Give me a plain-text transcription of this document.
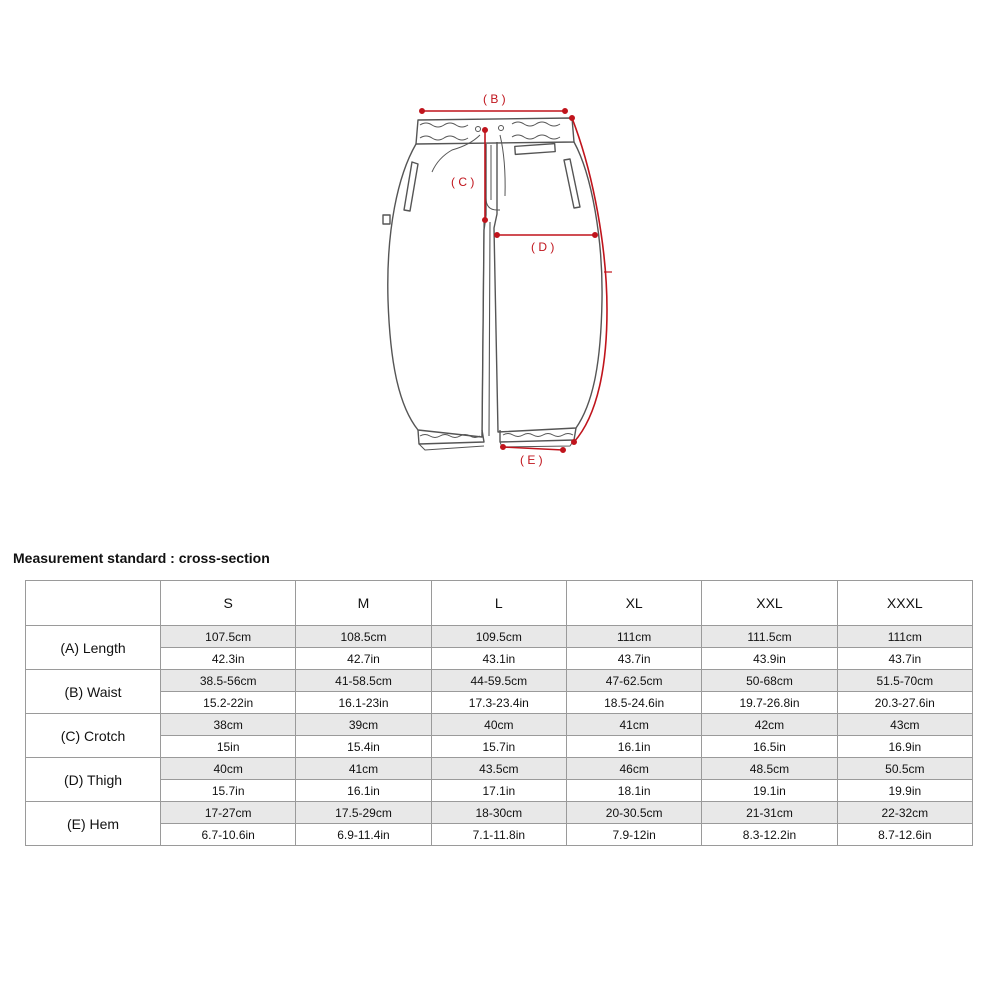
( B )
( C )
( D )
( E )
Measurement standard : cross-section
	S	M	L	XL	XXL	XXXL
(A) Length	107.5cm	108.5cm	109.5cm	111cm	111.5cm	111cm
	42.3in	42.7in	43.1in	43.7in	43.9in	43.7in
(B) Waist	38.5-56cm	41-58.5cm	44-59.5cm	47-62.5cm	50-68cm	51.5-70cm
	15.2-22in	16.1-23in	17.3-23.4in	18.5-24.6in	19.7-26.8in	20.3-27.6in
(C) Crotch	38cm	39cm	40cm	41cm	42cm	43cm
	15in	15.4in	15.7in	16.1in	16.5in	16.9in
(D) Thigh	40cm	41cm	43.5cm	46cm	48.5cm	50.5cm
	15.7in	16.1in	17.1in	18.1in	19.1in	19.9in
(E) Hem	17-27cm	17.5-29cm	18-30cm	20-30.5cm	21-31cm	22-32cm
	6.7-10.6in	6.9-11.4in	7.1-11.8in	7.9-12in	8.3-12.2in	8.7-12.6in
